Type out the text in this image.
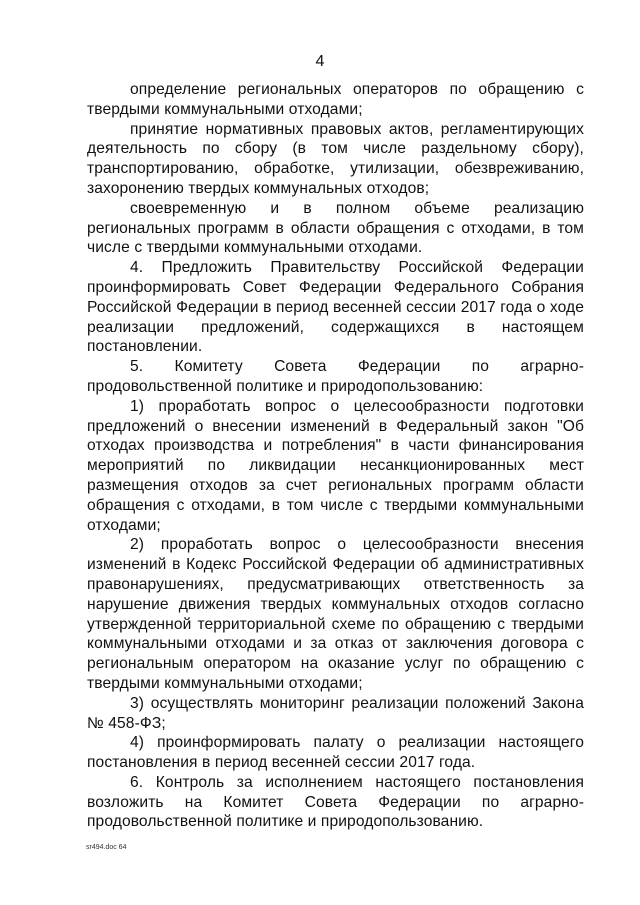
4

определение региональных операторов по обращению с твердыми коммунальными отходами;

принятие нормативных правовых актов, регламентирующих деятельность по сбору (в том числе раздельному сбору), транспортированию, обработке, утилизации, обезвреживанию, захоронению твердых коммунальных отходов;

своевременную и в полном объеме реализацию региональных программ в области обращения с отходами, в том числе с твердыми коммунальными отходами.

4. Предложить Правительству Российской Федерации проинформировать Совет Федерации Федерального Собрания Российской Федерации в период весенней сессии 2017 года о ходе реализации предложений, содержащихся в настоящем постановлении.

5. Комитету Совета Федерации по аграрно-продовольственной политике и природопользованию:

1) проработать вопрос о целесообразности подготовки предложений о внесении изменений в Федеральный закон "Об отходах производства и потребления" в части финансирования мероприятий по ликвидации несанкционированных мест размещения отходов за счет региональных программ области обращения с отходами, в том числе с твердыми коммунальными отходами;

2) проработать вопрос о целесообразности внесения изменений в Кодекс Российской Федерации об административных правонарушениях, предусматривающих ответственность за нарушение движения твердых коммунальных отходов согласно утвержденной территориальной схеме по обращению с твердыми коммунальными отходами и за отказ от заключения договора с региональным оператором на оказание услуг по обращению с твердыми коммунальными отходами;

3) осуществлять мониторинг реализации положений Закона № 458-ФЗ;

4) проинформировать палату о реализации настоящего постановления в период весенней сессии 2017 года.

6. Контроль за исполнением настоящего постановления возложить на Комитет Совета Федерации по аграрно-продовольственной политике и природопользованию.

sr494.doc 64
